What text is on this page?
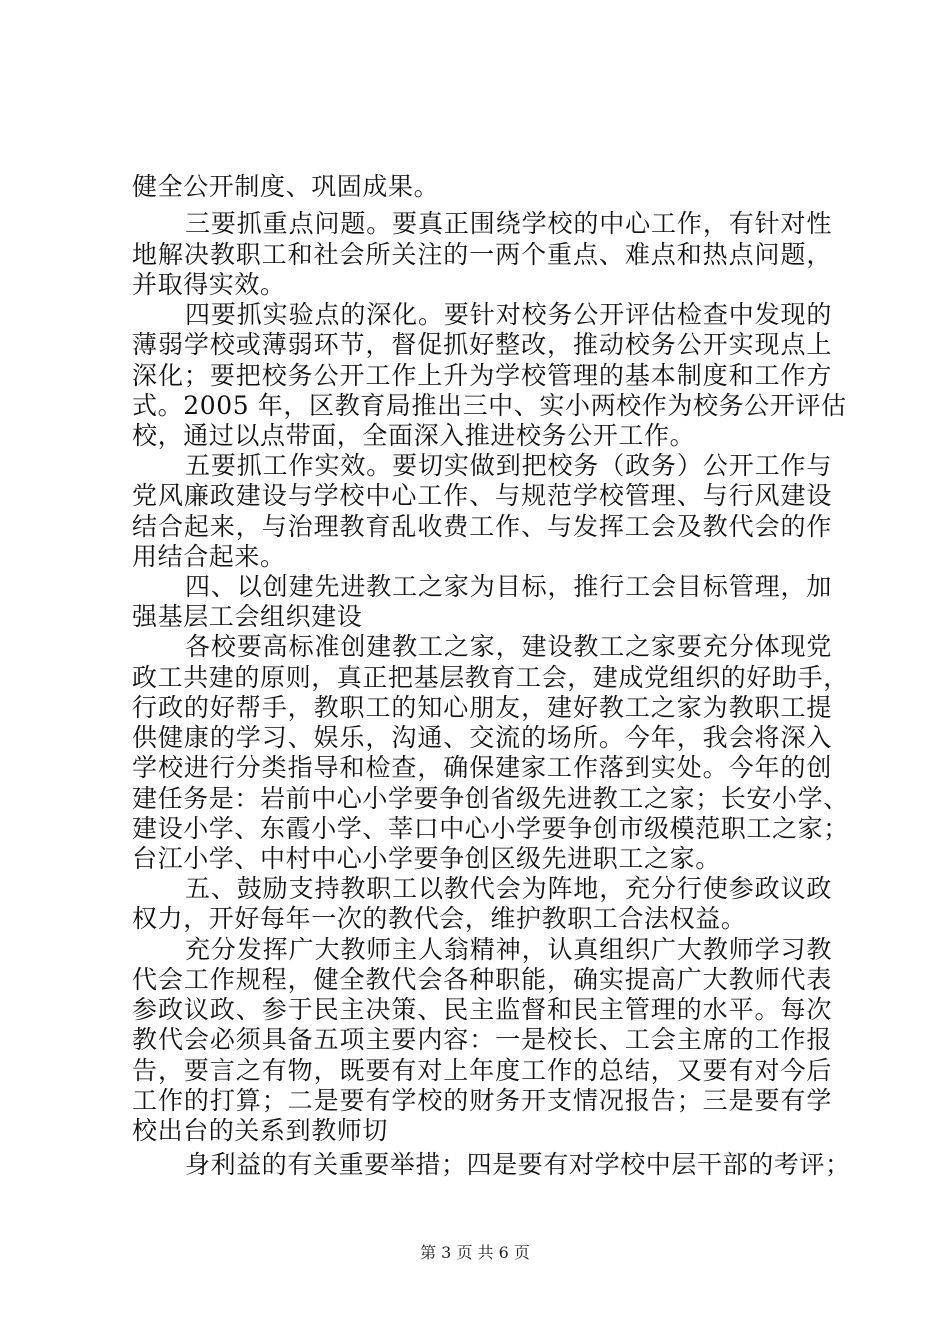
健全公开制度、巩固成果。
三要抓重点问题。要真正围绕学校的中心工作，有针对性
地解决教职工和社会所关注的一两个重点、难点和热点问题，
并取得实效。
四要抓实验点的深化。要针对校务公开评估检查中发现的
薄弱学校或薄弱环节，督促抓好整改，推动校务公开实现点上
深化；要把校务公开工作上升为学校管理的基本制度和工作方
式。2005 年，区教育局推出三中、实小两校作为校务公开评估
校，通过以点带面，全面深入推进校务公开工作。
五要抓工作实效。要切实做到把校务（政务）公开工作与
党风廉政建设与学校中心工作、与规范学校管理、与行风建设
结合起来，与治理教育乱收费工作、与发挥工会及教代会的作
用结合起来。
四、以创建先进教工之家为目标，推行工会目标管理，加
强基层工会组织建设
各校要高标准创建教工之家，建设教工之家要充分体现党
政工共建的原则，真正把基层教育工会，建成党组织的好助手，
行政的好帮手，教职工的知心朋友，建好教工之家为教职工提
供健康的学习、娱乐，沟通、交流的场所。今年，我会将深入
学校进行分类指导和检查，确保建家工作落到实处。今年的创
建任务是：岩前中心小学要争创省级先进教工之家；长安小学、
建设小学、东霞小学、莘口中心小学要争创市级模范职工之家；
台江小学、中村中心小学要争创区级先进职工之家。
五、鼓励支持教职工以教代会为阵地，充分行使参政议政
权力，开好每年一次的教代会，维护教职工合法权益。
充分发挥广大教师主人翁精神，认真组织广大教师学习教
代会工作规程，健全教代会各种职能，确实提高广大教师代表
参政议政、参于民主决策、民主监督和民主管理的水平。每次
教代会必须具备五项主要内容：一是校长、工会主席的工作报
告，要言之有物，既要有对上年度工作的总结，又要有对今后
工作的打算；二是要有学校的财务开支情况报告；三是要有学
校出台的关系到教师切
身利益的有关重要举措；四是要有对学校中层干部的考评；
第 3 页 共 6 页
